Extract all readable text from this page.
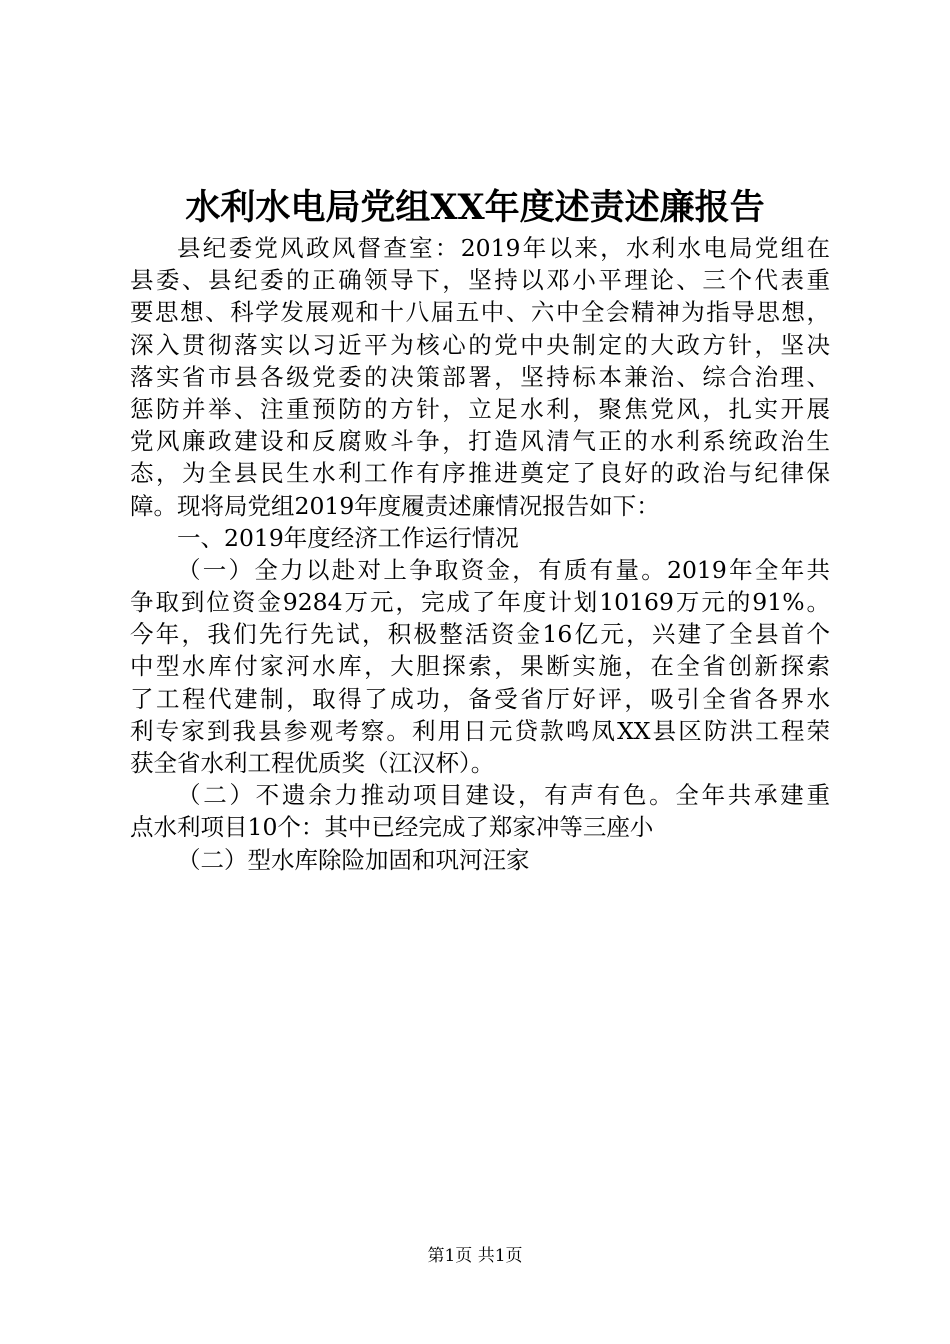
水利水电局党组XX年度述责述廉报告
县纪委党风政风督查室：2019年以来，水利水电局党组在
县委、县纪委的正确领导下，坚持以邓小平理论、三个代表重
要思想、科学发展观和十八届五中、六中全会精神为指导思想，
深入贯彻落实以习近平为核心的党中央制定的大政方针，坚决
落实省市县各级党委的决策部署，坚持标本兼治、综合治理、
惩防并举、注重预防的方针，立足水利，聚焦党风，扎实开展
党风廉政建设和反腐败斗争，打造风清气正的水利系统政治生
态，为全县民生水利工作有序推进奠定了良好的政治与纪律保
障。现将局党组2019年度履责述廉情况报告如下：
一、2019年度经济工作运行情况
（一）全力以赴对上争取资金，有质有量。2019年全年共
争取到位资金9284万元，完成了年度计划10169万元的91%。
今年，我们先行先试，积极整活资金16亿元，兴建了全县首个
中型水库付家河水库，大胆探索，果断实施，在全省创新探索
了工程代建制，取得了成功，备受省厅好评，吸引全省各界水
利专家到我县参观考察。利用日元贷款鸣凤XX县区防洪工程荣
获全省水利工程优质奖（江汉杯）。
（二）不遗余力推动项目建设，有声有色。全年共承建重
点水利项目10个：其中已经完成了郑家冲等三座小
（二）型水库除险加固和巩河汪家
第1页 共1页
